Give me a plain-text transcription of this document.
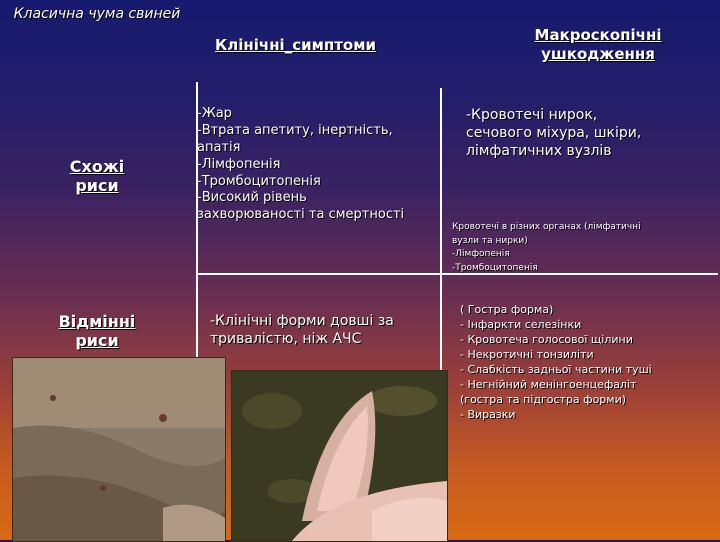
Класична чума свиней
Клінічні_симптоми
Макроскопічні ушкодження
Схожі риси
Відмінні риси
-Жар
-Втрата апетиту, інертність,
апатія
-Лімфопенія
-Тромбоцитопенія
-Високий рівень
захворюваності та смертності
-Кровотечі нирок,
сечового міхура, шкіри,
лімфатичних вузлів
Кровотечі в різних органах (лімфатичні
вузли та нирки)
-Лімфопенія
-Тромбоцитопенія
-Клінічні форми довші за
тривалістю, ніж АЧС
( Гостра форма)
- Інфаркти селезінки
- Кровотеча голосової щілини
- Некротичні тонзиліти
- Слабкість задньої частини туші
- Негнійний менінгоенцефаліт
(гостра та підгостра форми)
- Виразки
